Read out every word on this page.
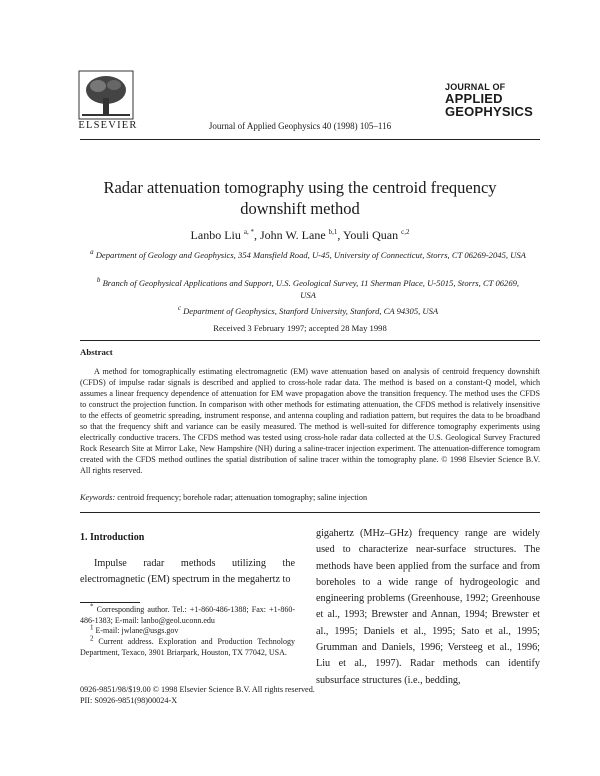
ELSEVIER	Journal of Applied Geophysics 40 (1998) 105–116
JOURNAL OF
APPLIED
GEOPHYSICS
Radar attenuation tomography using the centroid frequency downshift method
Lanbo Liu $^{a, *}$, John W. Lane $^{b,1}$, Youli Quan $^{c,2}$
$^a$ Department of Geology and Geophysics, 354 Mansfield Road, U-45, University of Connecticut, Storrs, CT 06269-2045, USA
$^b$ Branch of Geophysical Applications and Support, U.S. Geological Survey, 11 Sherman Place, U-5015, Storrs, CT 06269, USA
$^c$ Department of Geophysics, Stanford University, Stanford, CA 94305, USA
Received 3 February 1997; accepted 28 May 1998
Abstract
A method for tomographically estimating electromagnetic (EM) wave attenuation based on analysis of centroid frequency downshift (CFDS) of impulse radar signals is described and applied to cross-hole radar data. The method is based on a constant-Q model, which assumes a linear frequency dependence of attenuation for EM wave propagation above the transition frequency. The method uses the CFDS to construct the projection function. In comparison with other methods for estimating attenuation, the CFDS method is relatively insensitive to the effects of geometric spreading, instrument response, and antenna coupling and radiation pattern, but requires the data to be broadband so that the frequency shift and variance can be easily measured. The method is well-suited for difference tomography experiments using electrically conductive tracers. The CFDS method was tested using cross-hole radar data collected at the U.S. Geological Survey Fractured Rock Research Site at Mirror Lake, New Hampshire (NH) during a saline-tracer injection experiment. The attenuation-difference tomogram created with the CFDS method outlines the spatial distribution of saline tracer within the tomography plane. © 1998 Elsevier Science B.V. All rights reserved.
Keywords: centroid frequency; borehole radar; attenuation tomography; saline injection
1. Introduction
Impulse radar methods utilizing the electromagnetic (EM) spectrum in the megahertz to

* Corresponding author. Tel.: +1-860-486-1388; Fax: +1-860-486-1383; E-mail: lanbo@geol.uconn.edu

$^1$ E-mail: jwlane@usgs.gov

$^2$ Current address. Exploration and Production Technology Department, Texaco, 3901 Briarpark, Houston, TX 77042, USA.

gigahertz (MHz–GHz) frequency range are widely used to characterize near-surface structures. The methods have been applied from the surface and from boreholes to a wide range of hydrogeologic and engineering problems (Greenhouse, 1992; Greenhouse et al., 1993; Brewster and Annan, 1994; Brewster et al., 1995; Daniels et al., 1995; Sato et al., 1995; Grumman and Daniels, 1996; Versteeg et al., 1996; Liu et al., 1997). Radar methods can identify subsurface structures (i.e., bedding,
0926-9851/98/$19.00 © 1998 Elsevier Science B.V. All rights reserved.
PII: S0926-9851(98)00024-X
